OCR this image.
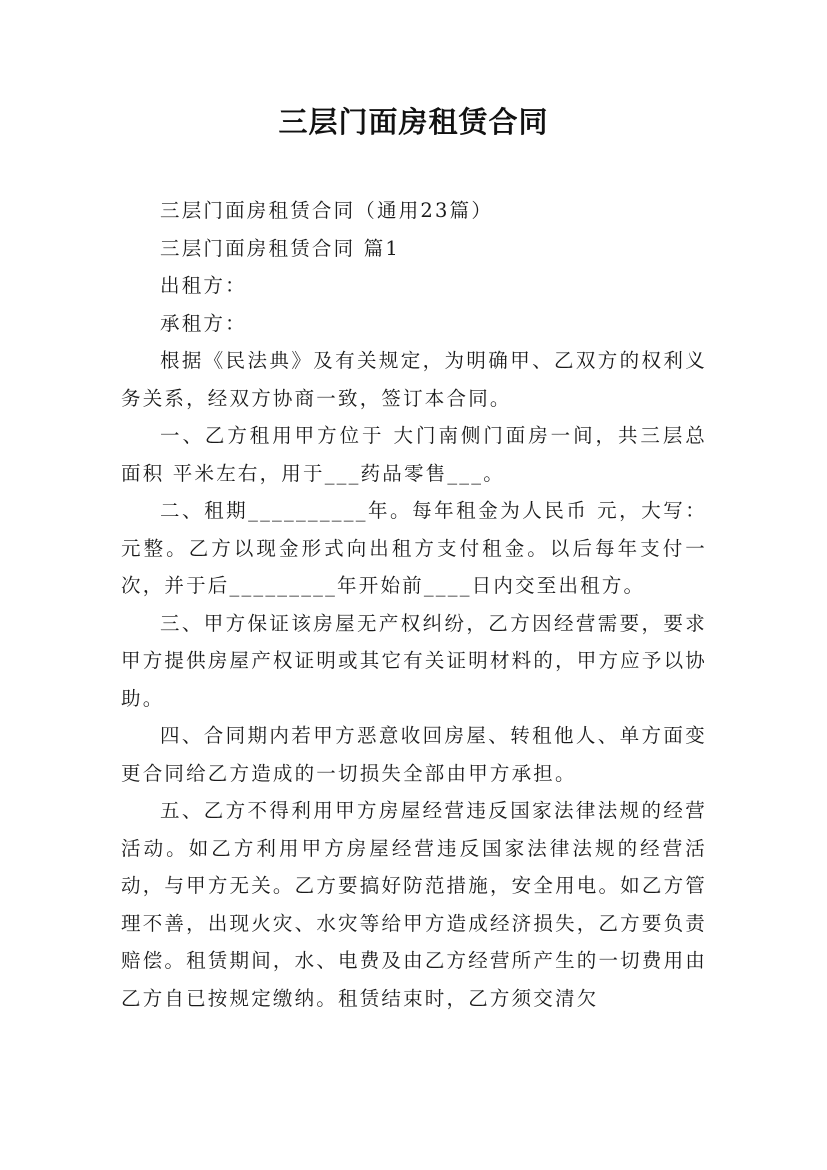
三层门面房租赁合同

三层门面房租赁合同（通用23篇）

三层门面房租赁合同 篇1

出租方：

承租方：

根据《民法典》及有关规定，为明确甲、乙双方的权利义务关系，经双方协商一致，签订本合同。

一、乙方租用甲方位于 大门南侧门面房一间，共三层总面积 平米左右，用于___药品零售___。

二、租期__________年。每年租金为人民币 元，大写：元整。乙方以现金形式向出租方支付租金。以后每年支付一次，并于后_________年开始前____日内交至出租方。

三、甲方保证该房屋无产权纠纷，乙方因经营需要，要求甲方提供房屋产权证明或其它有关证明材料的，甲方应予以协助。

四、合同期内若甲方恶意收回房屋、转租他人、单方面变更合同给乙方造成的一切损失全部由甲方承担。

五、乙方不得利用甲方房屋经营违反国家法律法规的经营活动。如乙方利用甲方房屋经营违反国家法律法规的经营活动，与甲方无关。乙方要搞好防范措施，安全用电。如乙方管理不善，出现火灾、水灾等给甲方造成经济损失，乙方要负责赔偿。租赁期间，水、电费及由乙方经营所产生的一切费用由乙方自已按规定缴纳。租赁结束时，乙方须交清欠
